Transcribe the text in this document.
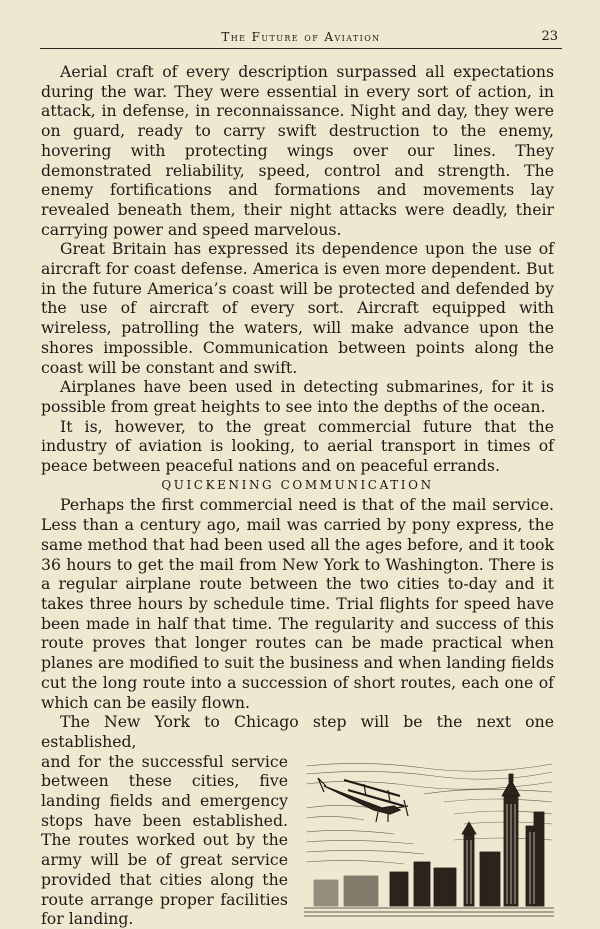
The Future of Aviation	23

Aerial craft of every description surpassed all expectations during the war. They were essential in every sort of action, in attack, in defense, in reconnaissance. Night and day, they were on guard, ready to carry swift destruction to the enemy, hovering with protecting wings over our lines. They demonstrated reliability, speed, control and strength. The enemy fortifications and formations and movements lay revealed beneath them, their night attacks were deadly, their carrying power and speed marvelous.

Great Britain has expressed its dependence upon the use of aircraft for coast defense. America is even more dependent. But in the future America’s coast will be protected and defended by the use of aircraft of every sort. Aircraft equipped with wireless, patrolling the waters, will make advance upon the shores impossible. Communication between points along the coast will be constant and swift.

Airplanes have been used in detecting submarines, for it is possible from great heights to see into the depths of the ocean.

It is, however, to the great commercial future that the industry of aviation is looking, to aerial transport in times of peace between peaceful nations and on peaceful errands.

QUICKENING COMMUNICATION

Perhaps the first commercial need is that of the mail service. Less than a century ago, mail was carried by pony express, the same method that had been used all the ages before, and it took 36 hours to get the mail from New York to Washington. There is a regular airplane route between the two cities to-day and it takes three hours by schedule time. Trial flights for speed have been made in half that time. The regularity and success of this route proves that longer routes can be made practical when planes are modified to suit the business and when landing fields cut the long route into a succession of short routes, each one of which can be easily flown.

The New York to Chicago step will be the next one established,

and for the successful service between these cities, five landing fields and emergency stops have been established. The routes worked out by the army will be of great service provided that cities along the route arrange proper facilities for landing.
